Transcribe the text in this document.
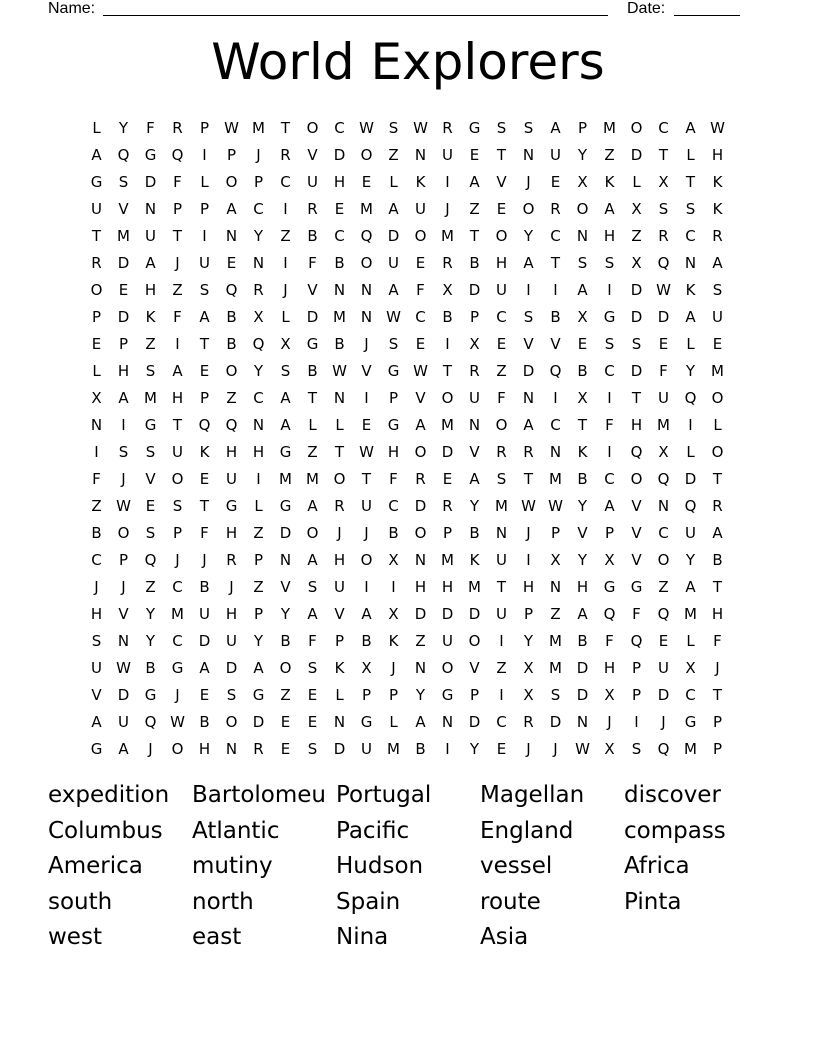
Name:	Date:
World Explorers
L	Y	F	R	P	W M	T	O	C W S W R	G	S	S	A	P	M O	C	A W
A	Q	G	Q	I	P	J	R	V	D	O	Z	N	U	E	T	N	U	Y	Z	D	T	L	H
G	S	D	F	L	O	P	C	U	H	E	L	K	I	A	V	J	E	X	K	L	X	T	K
U	V	N	P	P	A	C	I	R	E	M	A	U	J	Z	E	O	R	O	A	X	S	S	K
T	M	U	T	I	N	Y	Z	B	C	Q	D	O M	T	O	Y	C	N	H	Z	R	C	R
R	D	A	J	U	E	N	I	F	B	O	U	E	R	B	H	A	T	S	S	X	Q	N	A
O	E	H	Z	S	Q	R	J	V	N	N	A	F	X	D	U	I	I	A	I	D W K	S
P	D	K	F	A	B	X	L	D M N W C	B	P	C	S	B	X	G	D	D	A	U
E	P	Z	I	T	B	Q	X	G	B	J	S	E	I	X	E	V	V	E	S	S	E	L	E
L	H	S	A	E	O	Y	S	B W V	G W T	R	Z	D	Q	B	C	D	F	Y	M
X	A	M H	P	Z	C	A	T	N	I	P	V	O	U	F	N	I	X	I	T	U	Q	O
N	I	G	T	Q	Q	N	A	L	L	E	G	A	M N	O	A	C	T	F	H M	I	L
I	S	S	U	K	H	H	G	Z	T	W H	O	D	V	R	R	N	K	I	Q	X	L	O
F	J	V	O	E	U	I	M M O	T	F	R	E	A	S	T	M	B	C	O	Q	D	T
Z W E	S	T	G	L	G	A	R	U	C	D	R	Y	M W W Y	A	V	N	Q	R
B	O	S	P	F	H	Z	D	O	J	J	B	O	P	B	N	J	P	V	P	V	C	U	A
C	P	Q	J	J	R	P	N	A	H	O	X	N M	K	U	I	X	Y	X	V	O	Y	B
J	J	Z	C	B	J	Z	V	S	U	I	I	H	H M	T	H	N	H	G	G	Z	A	T
H	V	Y	M	U	H	P	Y	A	V	A	X	D	D	D	U	P	Z	A	Q	F	Q M H
S	N	Y	C	D	U	Y	B	F	P	B	K	Z	U	O	I	Y	M	B	F	Q	E	L	F
U W B	G	A	D	A	O	S	K	X	J	N	O	V	Z	X	M D	H	P	U	X	J
V	D	G	J	E	S	G	Z	E	L	P	P	Y	G	P	I	X	S	D	X	P	D	C	T
A	U	Q W B	O	D	E	E	N	G	L	A	N	D	C	R	D	N	J	I	J	G	P
G	A	J	O	H	N	R	E	S	D	U	M	B	I	Y	E	J	J	W X	S	Q M	P
expedition Bartolomeu Portugal	Magellan	discover
Columbus	Atlantic	Pacific	England	compass
America	mutiny	Hudson	vessel	Africa
south	north	Spain	route	Pinta
west	east	Nina	Asia
